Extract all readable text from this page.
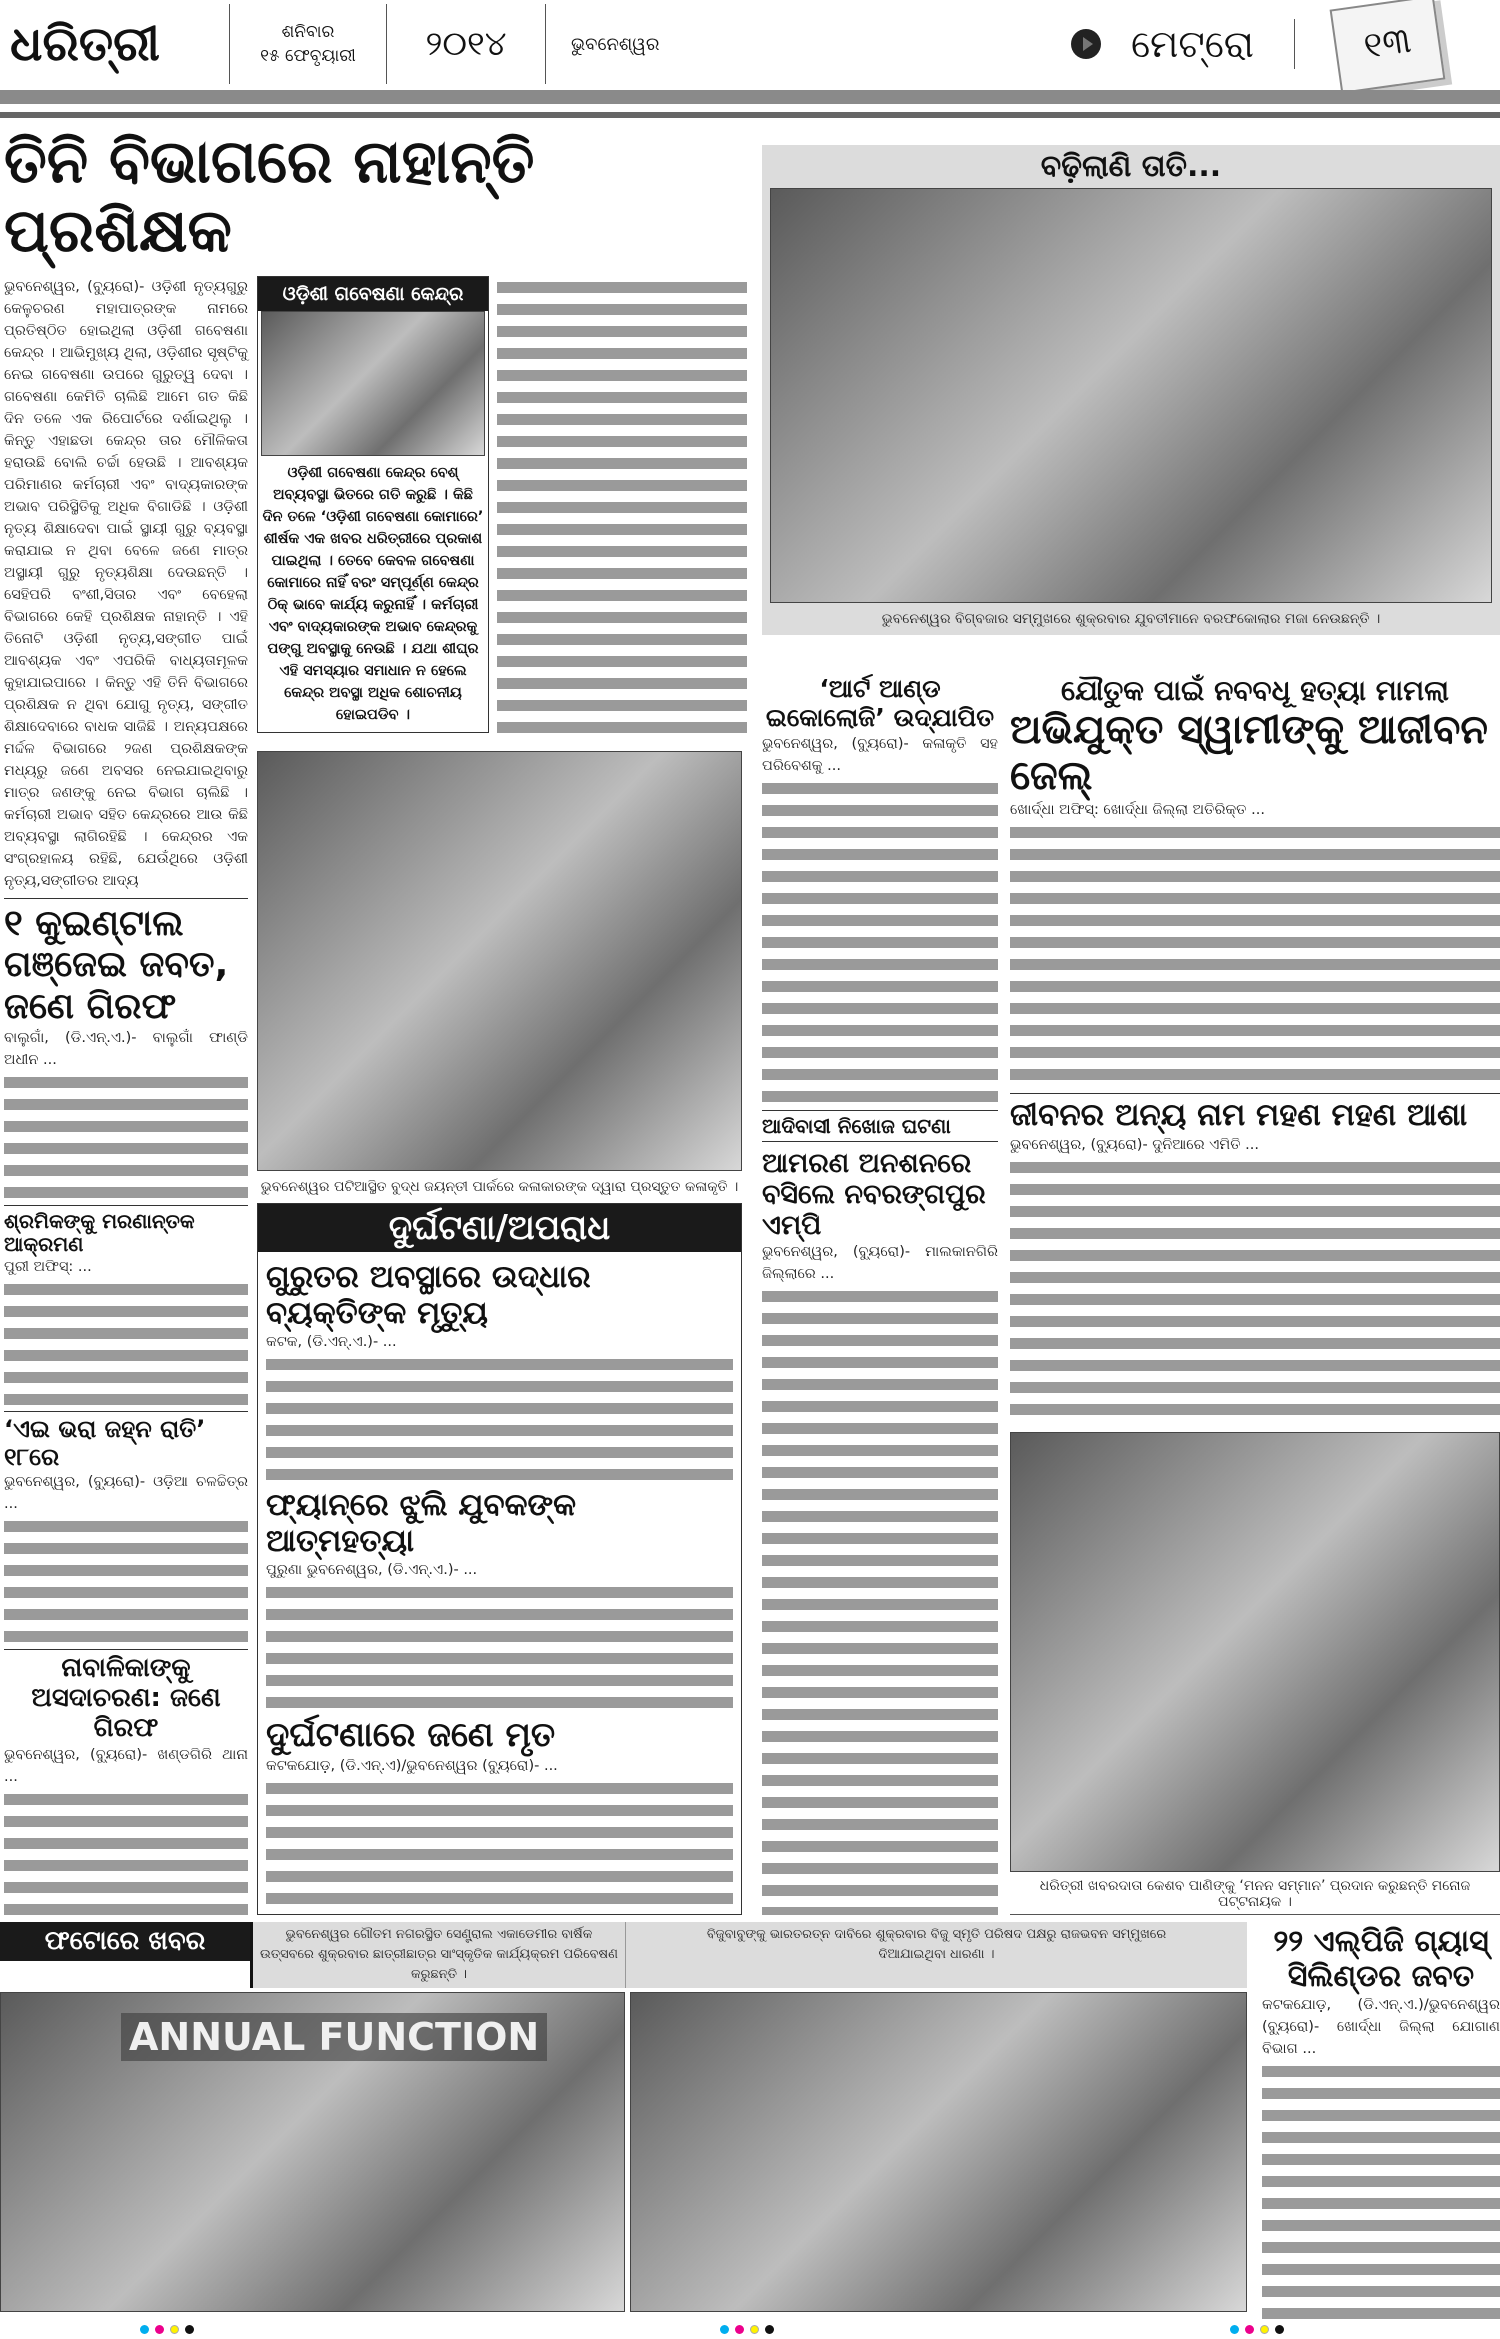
ଧରିତ୍ରୀ	ଶନିବାର
୧୫ ଫେବୃୟାରୀ	୨୦୧୪	ଭୁବନେଶ୍ୱର	ମେଟ୍ରୋ	୧୩
ତିନି ବିଭାଗରେ ନାହାନ୍ତି ପ୍ରଶିକ୍ଷକ
ଭୁବନେଶ୍ୱର, (ବ୍ୟୁରୋ)- ଓଡ଼ିଶୀ ନୃତ୍ୟଗୁରୁ କେଳୁଚରଣ ମହାପାତ୍ରଙ୍କ ନାମରେ ପ୍ରତିଷ୍ଠିତ ହୋଇଥିଲା ଓଡ଼ିଶୀ ଗବେଷଣା କେନ୍ଦ୍ର । ଆଭିମୁଖ୍ୟ ଥିଲା, ଓଡ଼ିଶୀର ସୃଷ୍ଟିକୁ ନେଇ ଗବେଷଣା ଉପରେ ଗୁରୁତ୍ୱ ଦେବା । ଗବେଷଣା କେମିତି ଚାଲିଛି ଆମେ ଗତ କିଛି ଦିନ ତଳେ ଏକ ରିପୋର୍ଟରେ ଦର୍ଶାଇଥିଲୁ । କିନ୍ତୁ ଏହାଛଡା କେନ୍ଦ୍ର ତାର ମୌଳିକତା ହରାଉଛି ବୋଲି ଚର୍ଚ୍ଚା ହେଉଛି । ଆବଶ୍ୟକ ପରିମାଣର କର୍ମଚାରୀ ଏବଂ ବାଦ୍ୟକାରଙ୍କ ଅଭାବ ପରିସ୍ଥିତିକୁ ଅଧିକ ବିଗାଡିଛି । ଓଡ଼ିଶୀ ନୃତ୍ୟ ଶିକ୍ଷାଦେବା ପାଇଁ ସ୍ଥାୟୀ ଗୁରୁ ବ୍ୟବସ୍ଥା କରାଯାଇ ନ ଥିବା ବେଳେ ଜଣେ ମାତ୍ର ଅସ୍ଥାୟୀ ଗୁରୁ ନୃତ୍ୟଶିକ୍ଷା ଦେଉଛନ୍ତି । ସେହିପରି ବଂଶୀ,ସିତାର ଏବଂ ବେହେଲା ବିଭାଗରେ କେହି ପ୍ରଶିକ୍ଷକ ନାହାନ୍ତି । ଏହି ତିନୋଟି ଓଡ଼ିଶୀ ନୃତ୍ୟ,ସଙ୍ଗୀତ ପାଇଁ ଆବଶ୍ୟକ ଏବଂ ଏପରିକି ବାଧ୍ୟତାମୂଳକ କୁହାଯାଇପାରେ । କିନ୍ତୁ ଏହି ତିନି ବିଭାଗରେ ପ୍ରଶିକ୍ଷକ ନ ଥିବା ଯୋଗୁ ନୃତ୍ୟ, ସଙ୍ଗୀତ ଶିକ୍ଷାଦେବାରେ ବାଧକ ସାଜିଛି । ଅନ୍ୟପକ୍ଷରେ ମର୍ଦ୍ଦଳ ବିଭାଗରେ ୨ଜଣ ପ୍ରଶିକ୍ଷକଙ୍କ ମଧ୍ୟରୁ ଜଣେ ଅବସର ନେଇଯାଇଥିବାରୁ ମାତ୍ର ଜଣଙ୍କୁ ନେଇ ବିଭାଗ ଚାଲିଛି । କର୍ମଚାରୀ ଅଭାବ ସହିତ କେନ୍ଦ୍ରରେ ଆଉ କିଛି ଅବ୍ୟବସ୍ଥା ଲାଗିରହିଛି । କେନ୍ଦ୍ରର ଏକ ସଂଗ୍ରହାଳୟ ରହିଛି, ଯେଉଁଥିରେ ଓଡ଼ିଶୀ ନୃତ୍ୟ,ସଙ୍ଗୀତର ଆଦ୍ୟ
୧ କୁଇଣ୍ଟାଲ ଗଞ୍ଜେଇ ଜବତ, ଜଣେ ଗିରଫ
ବାଲୁଗାଁ, (ଡି.ଏନ୍.ଏ.)- ବାଲୁଗାଁ ଫାଣ୍ଡି ଅଧୀନ ...
ଶ୍ରମିକଙ୍କୁ ମରଣାନ୍ତକ ଆକ୍ରମଣ
ପୁରୀ ଅଫିସ୍: ...
‘ଏଇ ଭରା ଜହ୍ନ ରାତି’ ୧୮ରେ
ଭୁବନେଶ୍ୱର, (ବ୍ୟୁରୋ)- ଓଡ଼ିଆ ଚଳଚ୍ଚିତ୍ର ...
ନାବାଳିକାଙ୍କୁ ଅସଦାଚରଣ: ଜଣେ ଗିରଫ
ଭୁବନେଶ୍ୱର, (ବ୍ୟୁରୋ)- ଖଣ୍ଡଗିରି ଥାନା ...
ଓଡ଼ିଶୀ ଗବେଷଣା କେନ୍ଦ୍ର
ଓଡ଼ିଶୀ ଗବେଷଣା କେନ୍ଦ୍ର ବେଶ୍ ଅବ୍ୟବସ୍ଥା ଭିତରେ ଗତି କରୁଛି । କିଛି ଦିନ ତଳେ ‘ଓଡ଼ିଶୀ ଗବେଷଣା କୋମାରେ’ ଶୀର୍ଷକ ଏକ ଖବର ଧରିତ୍ରୀରେ ପ୍ରକାଶ ପାଇଥିଲା । ତେବେ କେବଳ ଗବେଷଣା କୋମାରେ ନାହିଁ ବରଂ ସମ୍ପୂର୍ଣ୍ଣ କେନ୍ଦ୍ର ଠିକ୍ ଭାବେ କାର୍ଯ୍ୟ କରୁନାହିଁ । କର୍ମଚାରୀ ଏବଂ ବାଦ୍ୟକାରଙ୍କ ଅଭାବ କେନ୍ଦ୍ରକୁ ପଙ୍ଗୁ ଅବସ୍ଥାକୁ ନେଉଛି । ଯଥା ଶୀଘ୍ର ଏହି ସମସ୍ୟାର ସମାଧାନ ନ ହେଲେ କେନ୍ଦ୍ର ଅବସ୍ଥା ଅଧିକ ଶୋଚନୀୟ ହୋଇପଡିବ ।
ଭୁବନେଶ୍ୱର ପଟିଆସ୍ଥିତ ବୁଦ୍ଧ ଜୟନ୍ତୀ ପାର୍କରେ କଳାକାରଙ୍କ ଦ୍ୱାରା ପ୍ରସ୍ତୁତ କଳାକୃତି ।
ଦୁର୍ଘଟଣା/ଅପରାଧ
ଗୁରୁତର ଅବସ୍ଥାରେ ଉଦ୍ଧାର ବ୍ୟକ୍ତିଙ୍କ ମୃତ୍ୟୁ
କଟକ, (ଡି.ଏନ୍.ଏ.)- ...
ଫ୍ୟାନ୍‌ରେ ଝୁଲି ଯୁବକଙ୍କ ଆତ୍ମହତ୍ୟା
ପୁରୁଣା ଭୁବନେଶ୍ୱର, (ଡି.ଏନ୍.ଏ.)- ...
ଦୁର୍ଘଟଣାରେ ଜଣେ ମୃତ
କଟକଯୋଡ଼, (ଡି.ଏନ୍.ଏ)/ଭୁବନେଶ୍ୱର (ବ୍ୟୁରୋ)- ...
ବଢ଼ିଲାଣି ତାତି...
ଭୁବନେଶ୍ୱର ବିଗ୍‌ବଜାର ସମ୍ମୁଖରେ ଶୁକ୍ରବାର ଯୁବତୀମାନେ ବରଫକୋଲାର ମଜା ନେଉଛନ୍ତି ।
‘ଆର୍ଟ ଆଣ୍ଡ ଇକୋଲୋଜି’ ଉଦ୍‌ଯାପିତ
ଭୁବନେଶ୍ୱର, (ବ୍ୟୁରୋ)- କଳାକୃତି ସହ ପରିବେଶକୁ ...
ଆଦିବାସୀ ନିଖୋଜ ଘଟଣା
ଆମରଣ ଅନଶନରେ ବସିଲେ ନବରଙ୍ଗପୁର ଏମ୍‌ପି
ଭୁବନେଶ୍ୱର, (ବ୍ୟୁରୋ)- ମାଲକାନଗିରି ଜିଲ୍ଲାରେ ...
ଯୌତୁକ ପାଇଁ ନବବଧୂ ହତ୍ୟା ମାମଲା
ଅଭିଯୁକ୍ତ ସ୍ୱାମୀଙ୍କୁ ଆଜୀବନ ଜେଲ୍
ଖୋର୍ଦ୍ଧା ଅଫିସ୍: ଖୋର୍ଦ୍ଧା ଜିଲ୍ଲା ଅତିରିକ୍ତ ...
ଜୀବନର ଅନ୍ୟ ନାମ ମହଣ ମହଣ ଆଶା
ଭୁବନେଶ୍ୱର, (ବ୍ୟୁରୋ)- ଦୁନିଆରେ ଏମିତି ...
ଧରିତ୍ରୀ ଖବରଦାତା କେଶବ ପାଣିଙ୍କୁ ‘ମନନ ସମ୍ମାନ’ ପ୍ରଦାନ କରୁଛନ୍ତି ମନୋଜ ପଟ୍ଟନାୟକ ।
ଫଟୋରେ ଖବର	ଭୁବନେଶ୍ୱର ଗୌତମ ନଗରସ୍ଥିତ ସେଣ୍ଟ୍ରାଲ ଏକାଡେମୀର ବାର୍ଷିକ ଉତ୍ସବରେ ଶୁକ୍ରବାର ଛାତ୍ରୀଛାତ୍ର ସାଂସ୍କୃତିକ କାର୍ଯ୍ୟକ୍ରମ ପରିବେଷଣ କରୁଛନ୍ତି ।
ବିଜୁବାବୁଙ୍କୁ ଭାରତରତ୍ନ ଦାବିରେ ଶୁକ୍ରବାର ବିଜୁ ସ୍ମୃତି ପରିଷଦ ପକ୍ଷରୁ ରାଜଭବନ ସମ୍ମୁଖରେ ଦିଆଯାଇଥିବା ଧାରଣା ।
ANNUAL FUNCTION
୨୨ ଏଲ୍‌ପିଜି ଗ୍ୟାସ୍ ସିଲିଣ୍ଡର ଜବତ
କଟକଯୋଡ଼, (ଡି.ଏନ୍.ଏ.)/ଭୁବନେଶ୍ୱର (ବ୍ୟୁରୋ)- ଖୋର୍ଦ୍ଧା ଜିଲ୍ଲା ଯୋଗାଣ ବିଭାଗ ...
